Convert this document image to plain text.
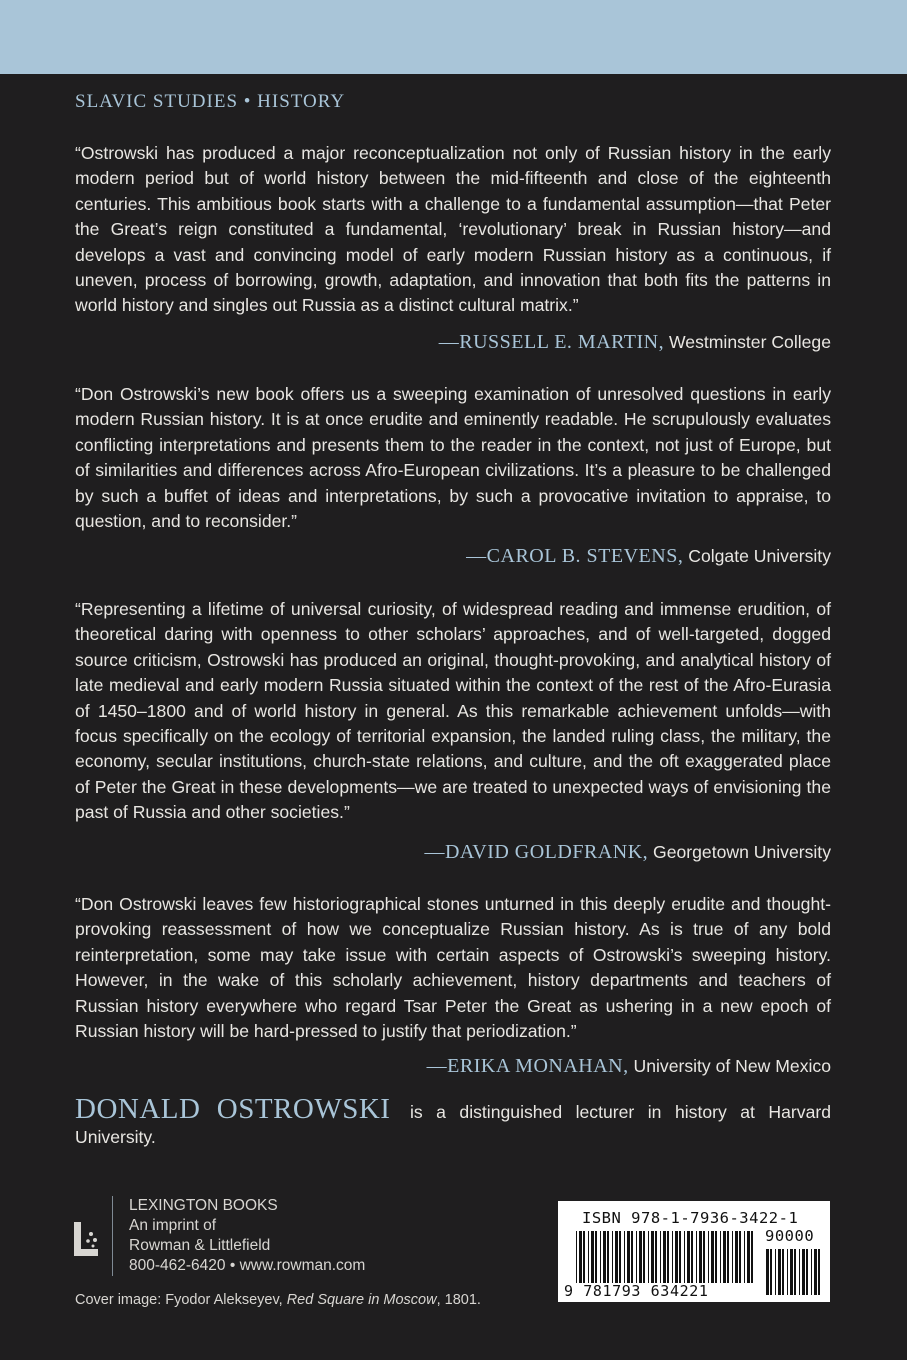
SLAVIC STUDIES • HISTORY

“Ostrowski has produced a major reconceptualization not only of Russian history in the early modern period but of world history between the mid-fifteenth and close of the eighteenth centuries. This ambitious book starts with a challenge to a fundamental assumption—that Peter the Great’s reign constituted a fundamental, ‘revolutionary’ break in Russian history—and develops a vast and convincing model of early modern Russian history as a continuous, if uneven, process of borrowing, growth, adaptation, and innovation that both fits the patterns in world history and singles out Russia as a distinct cultural matrix.”

—RUSSELL E. MARTIN, Westminster College

“Don Ostrowski’s new book offers us a sweeping examination of unresolved questions in early modern Russian history. It is at once erudite and eminently readable. He scrupulously evaluates conflicting interpretations and presents them to the reader in the context, not just of Europe, but of similarities and differences across Afro-European civilizations. It’s a pleasure to be challenged by such a buffet of ideas and interpretations, by such a provocative invitation to appraise, to question, and to reconsider.”

—CAROL B. STEVENS, Colgate University

“Representing a lifetime of universal curiosity, of widespread reading and immense erudition, of theoretical daring with openness to other scholars’ approaches, and of well-targeted, dogged source criticism, Ostrowski has produced an original, thought-provoking, and analytical history of late medieval and early modern Russia situated within the context of the rest of the Afro-Eurasia of 1450–1800 and of world history in general. As this remarkable achievement unfolds—with focus specifically on the ecology of territorial expansion, the landed ruling class, the military, the economy, secular institutions, church-state relations, and culture, and the oft exaggerated place of Peter the Great in these developments—we are treated to unexpected ways of envisioning the past of Russia and other societies.”

—DAVID GOLDFRANK, Georgetown University

“Don Ostrowski leaves few historiographical stones unturned in this deeply erudite and thought-provoking reassessment of how we conceptualize Russian history. As is true of any bold reinterpretation, some may take issue with certain aspects of Ostrowski’s sweeping history. However, in the wake of this scholarly achievement, history departments and teachers of Russian history everywhere who regard Tsar Peter the Great as ushering in a new epoch of Russian history will be hard-pressed to justify that periodization.”

—ERIKA MONAHAN, University of New Mexico
DONALD OSTROWSKI is a distinguished lecturer in history at Harvard University.
LEXINGTON BOOKS
An imprint of
Rowman & Littlefield
800-462-6420 • www.rowman.com
ISBN 978-1-7936-3422-1
90000
9 781793 634221
Cover image: Fyodor Alekseyev, Red Square in Moscow, 1801.
